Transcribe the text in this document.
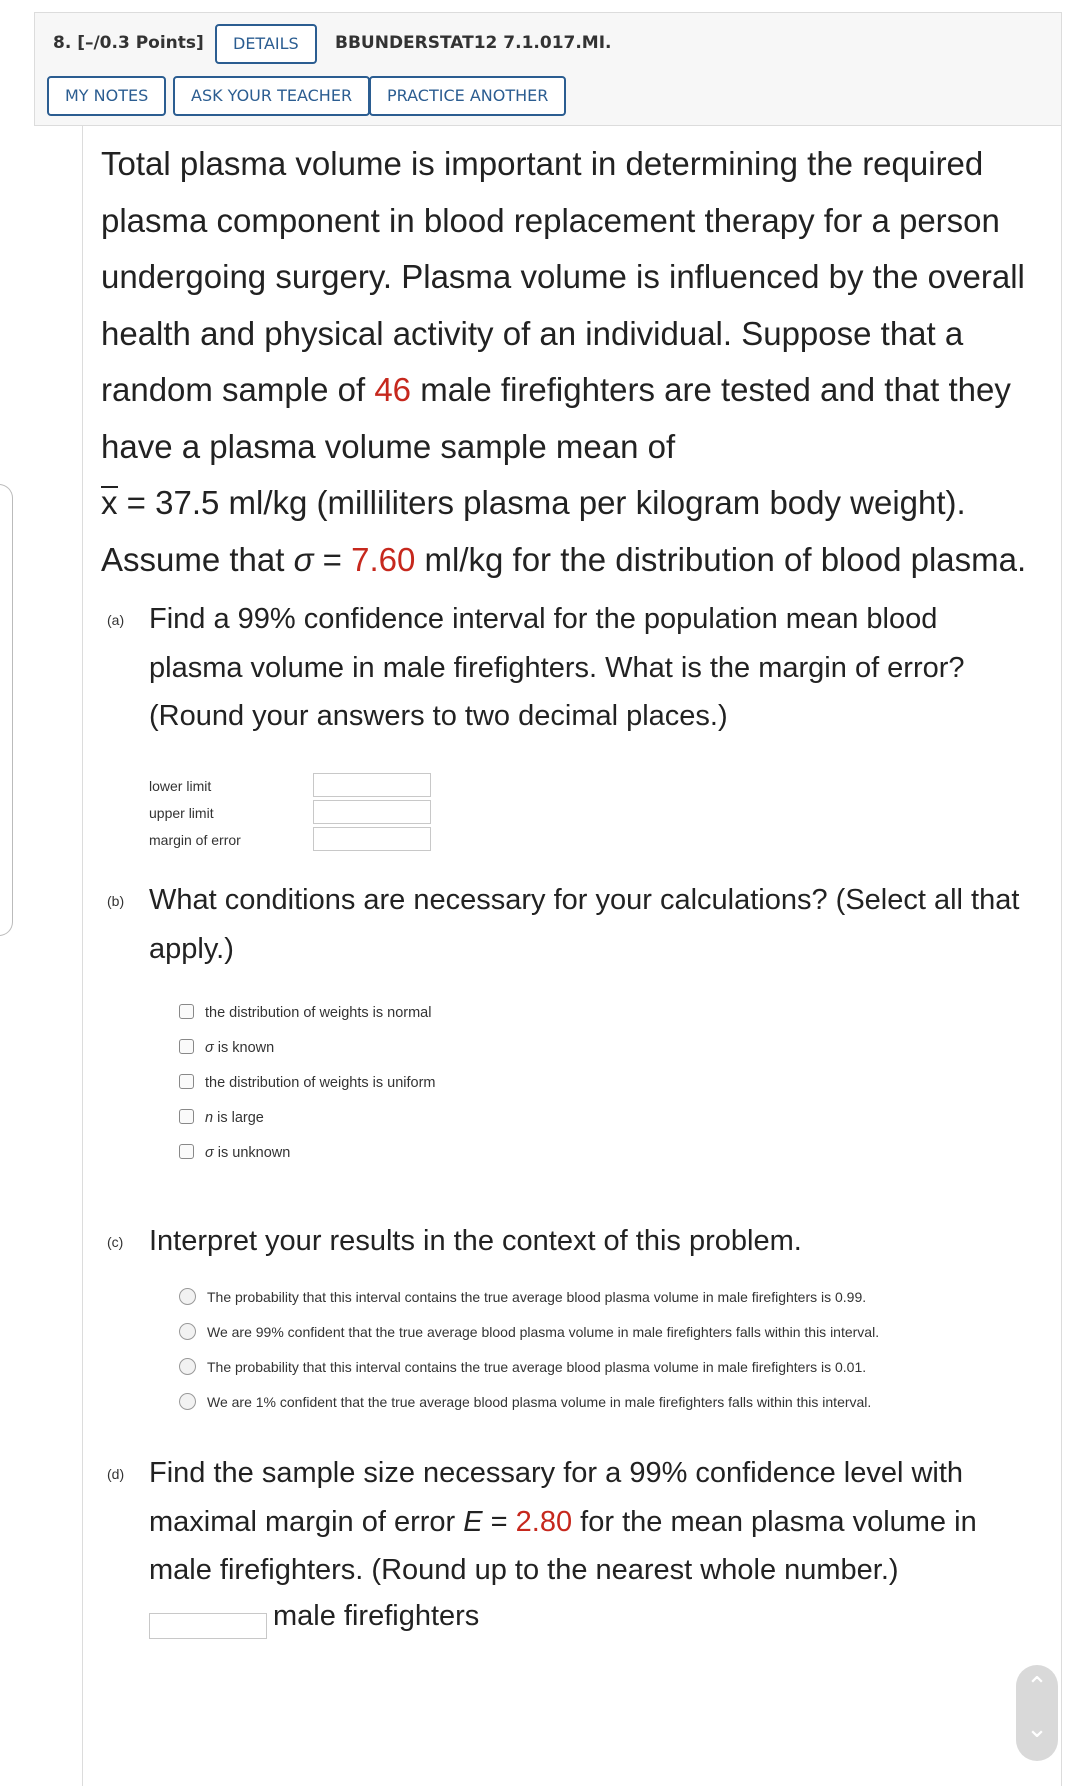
8. [–/0.3 Points]	DETAILS	BBUNDERSTAT12 7.1.017.MI.
MY NOTES	ASK YOUR TEACHER	PRACTICE ANOTHER
Total plasma volume is important in determining the required plasma component in blood replacement therapy for a person undergoing surgery. Plasma volume is influenced by the overall health and physical activity of an individual. Suppose that a random sample of 46 male firefighters are tested and that they have a plasma volume sample mean of
x = 37.5 ml/kg (milliliters plasma per kilogram body weight). Assume that σ = 7.60 ml/kg for the distribution of blood plasma.
(a) Find a 99% confidence interval for the population mean blood plasma volume in male firefighters. What is the margin of error? (Round your answers to two decimal places.)
lower limit
upper limit
margin of error
(b) What conditions are necessary for your calculations? (Select all that apply.)
the distribution of weights is normal
σ is known
the distribution of weights is uniform
n is large
σ is unknown
(c) Interpret your results in the context of this problem.
The probability that this interval contains the true average blood plasma volume in male firefighters is 0.99.
We are 99% confident that the true average blood plasma volume in male firefighters falls within this interval.
The probability that this interval contains the true average blood plasma volume in male firefighters is 0.01.
We are 1% confident that the true average blood plasma volume in male firefighters falls within this interval.
(d) Find the sample size necessary for a 99% confidence level with maximal margin of error E = 2.80 for the mean plasma volume in male firefighters. (Round up to the nearest whole number.)
male firefighters
⌃
⌄
